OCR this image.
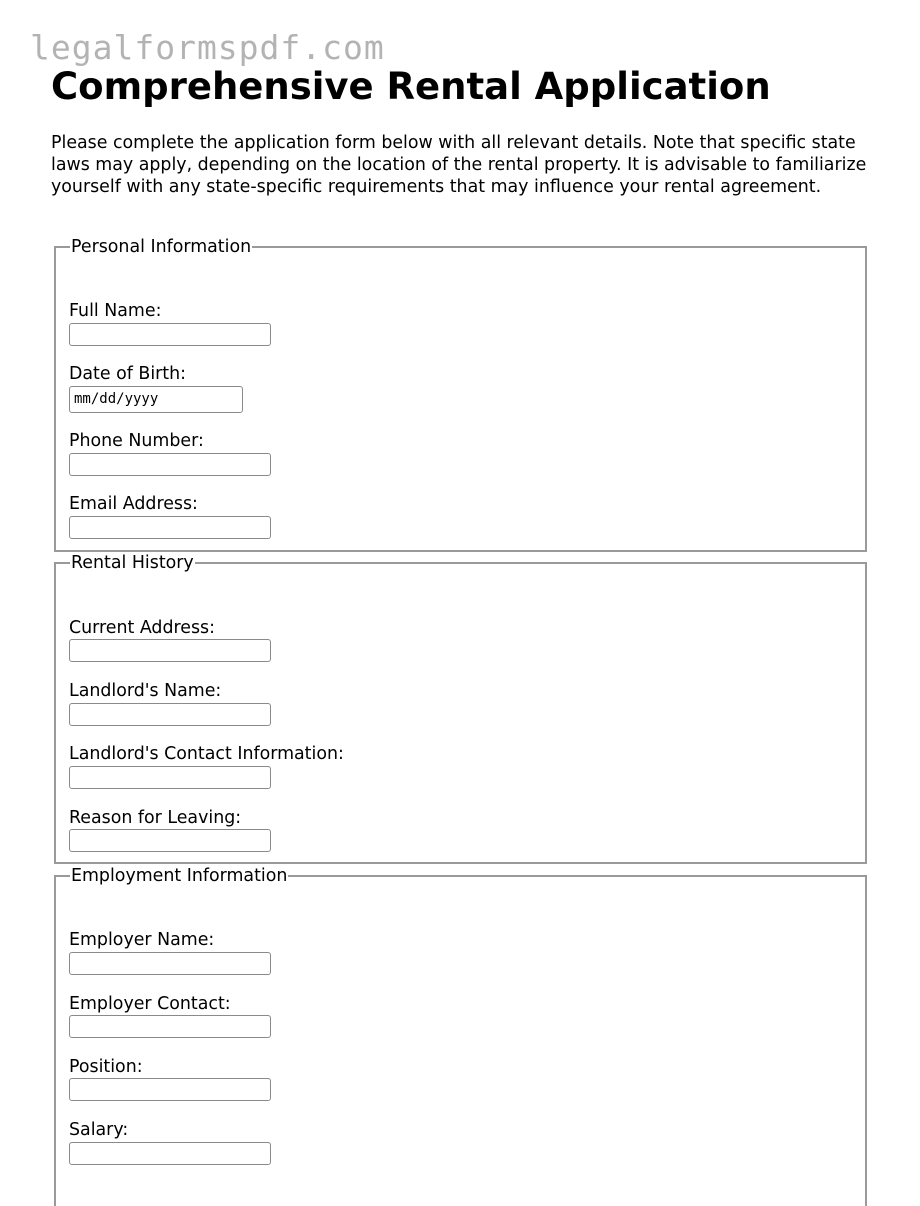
legalformspdf.com
Comprehensive Rental Application

Please complete the application form below with all relevant details. Note that specific state laws may apply, depending on the location of the rental property. It is advisable to familiarize yourself with any state-specific requirements that may influence your rental agreement.

Personal Information
Full Name:
Date of Birth:
mm/dd/yyyy
Phone Number:
Email Address:
Rental History
Current Address:
Landlord's Name:
Landlord's Contact Information:
Reason for Leaving:
Employment Information
Employer Name:
Employer Contact:
Position:
Salary:
